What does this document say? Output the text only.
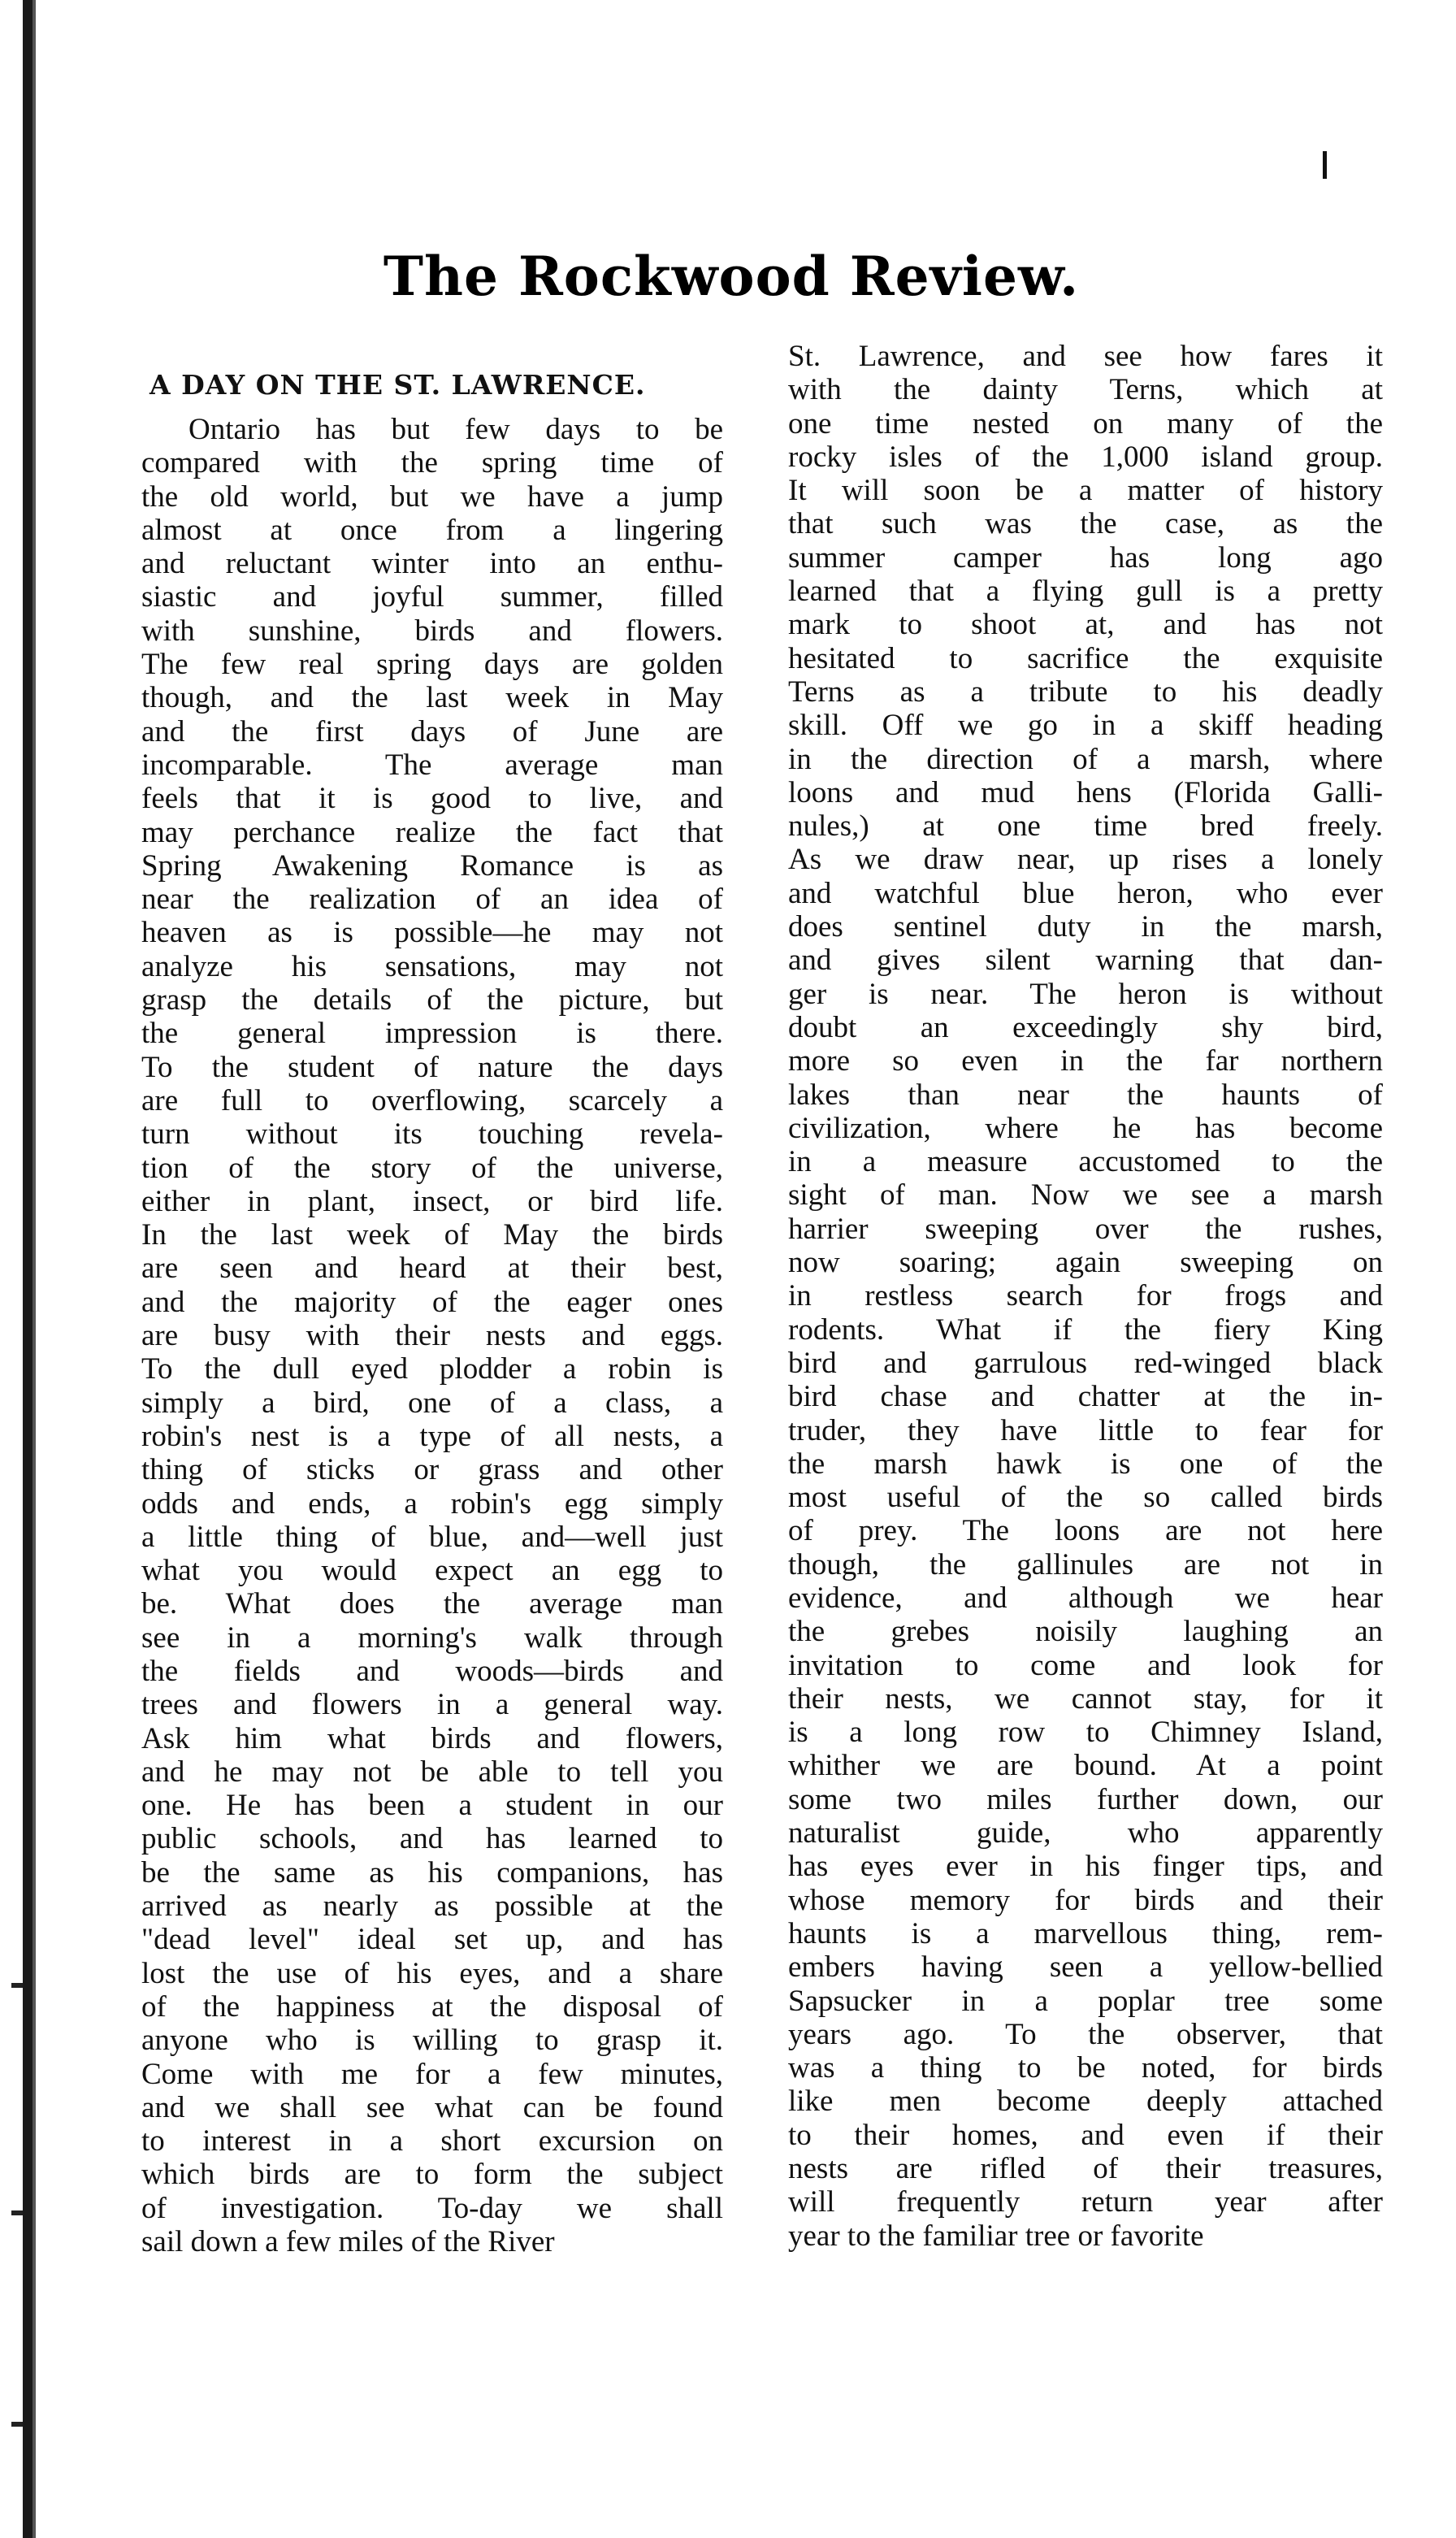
The Rockwood Review.
A DAY ON THE ST. LAWRENCE.
Ontario has but few days to be
compared with the spring time of
the old world, but we have a jump
almost at once from a lingering
and reluctant winter into an enthu-
siastic and joyful summer, filled
with sunshine, birds and flowers.
The few real spring days are golden
though, and the last week in May
and the first days of June are
incomparable. The average man
feels that it is good to live, and
may perchance realize the fact that
Spring Awakening Romance is as
near the realization of an idea of
heaven as is possible—he may not
analyze his sensations, may not
grasp the details of the picture, but
the general impression is there.
To the student of nature the days
are full to overflowing, scarcely a
turn without its touching revela-
tion of the story of the universe,
either in plant, insect, or bird life.
In the last week of May the birds
are seen and heard at their best,
and the majority of the eager ones
are busy with their nests and eggs.
To the dull eyed plodder a robin is
simply a bird, one of a class, a
robin's nest is a type of all nests, a
thing of sticks or grass and other
odds and ends, a robin's egg simply
a little thing of blue, and—well just
what you would expect an egg to
be. What does the average man
see in a morning's walk through
the fields and woods—birds and
trees and flowers in a general way.
Ask him what birds and flowers,
and he may not be able to tell you
one. He has been a student in our
public schools, and has learned to
be the same as his companions, has
arrived as nearly as possible at the
"dead level" ideal set up, and has
lost the use of his eyes, and a share
of the happiness at the disposal of
anyone who is willing to grasp it.
Come with me for a few minutes,
and we shall see what can be found
to interest in a short excursion on
which birds are to form the subject
of investigation. To-day we shall
sail down a few miles of the River
St. Lawrence, and see how fares it
with the dainty Terns, which at
one time nested on many of the
rocky isles of the 1,000 island group.
It will soon be a matter of history
that such was the case, as the
summer camper has long ago
learned that a flying gull is a pretty
mark to shoot at, and has not
hesitated to sacrifice the exquisite
Terns as a tribute to his deadly
skill. Off we go in a skiff heading
in the direction of a marsh, where
loons and mud hens (Florida Galli-
nules,) at one time bred freely.
As we draw near, up rises a lonely
and watchful blue heron, who ever
does sentinel duty in the marsh,
and gives silent warning that dan-
ger is near. The heron is without
doubt an exceedingly shy bird,
more so even in the far northern
lakes than near the haunts of
civilization, where he has become
in a measure accustomed to the
sight of man. Now we see a marsh
harrier sweeping over the rushes,
now soaring; again sweeping on
in restless search for frogs and
rodents. What if the fiery King
bird and garrulous red-winged black
bird chase and chatter at the in-
truder, they have little to fear for
the marsh hawk is one of the
most useful of the so called birds
of prey. The loons are not here
though, the gallinules are not in
evidence, and although we hear
the grebes noisily laughing an
invitation to come and look for
their nests, we cannot stay, for it
is a long row to Chimney Island,
whither we are bound. At a point
some two miles further down, our
naturalist guide, who apparently
has eyes ever in his finger tips, and
whose memory for birds and their
haunts is a marvellous thing, rem-
embers having seen a yellow-bellied
Sapsucker in a poplar tree some
years ago. To the observer, that
was a thing to be noted, for birds
like men become deeply attached
to their homes, and even if their
nests are rifled of their treasures,
will frequently return year after
year to the familiar tree or favorite
